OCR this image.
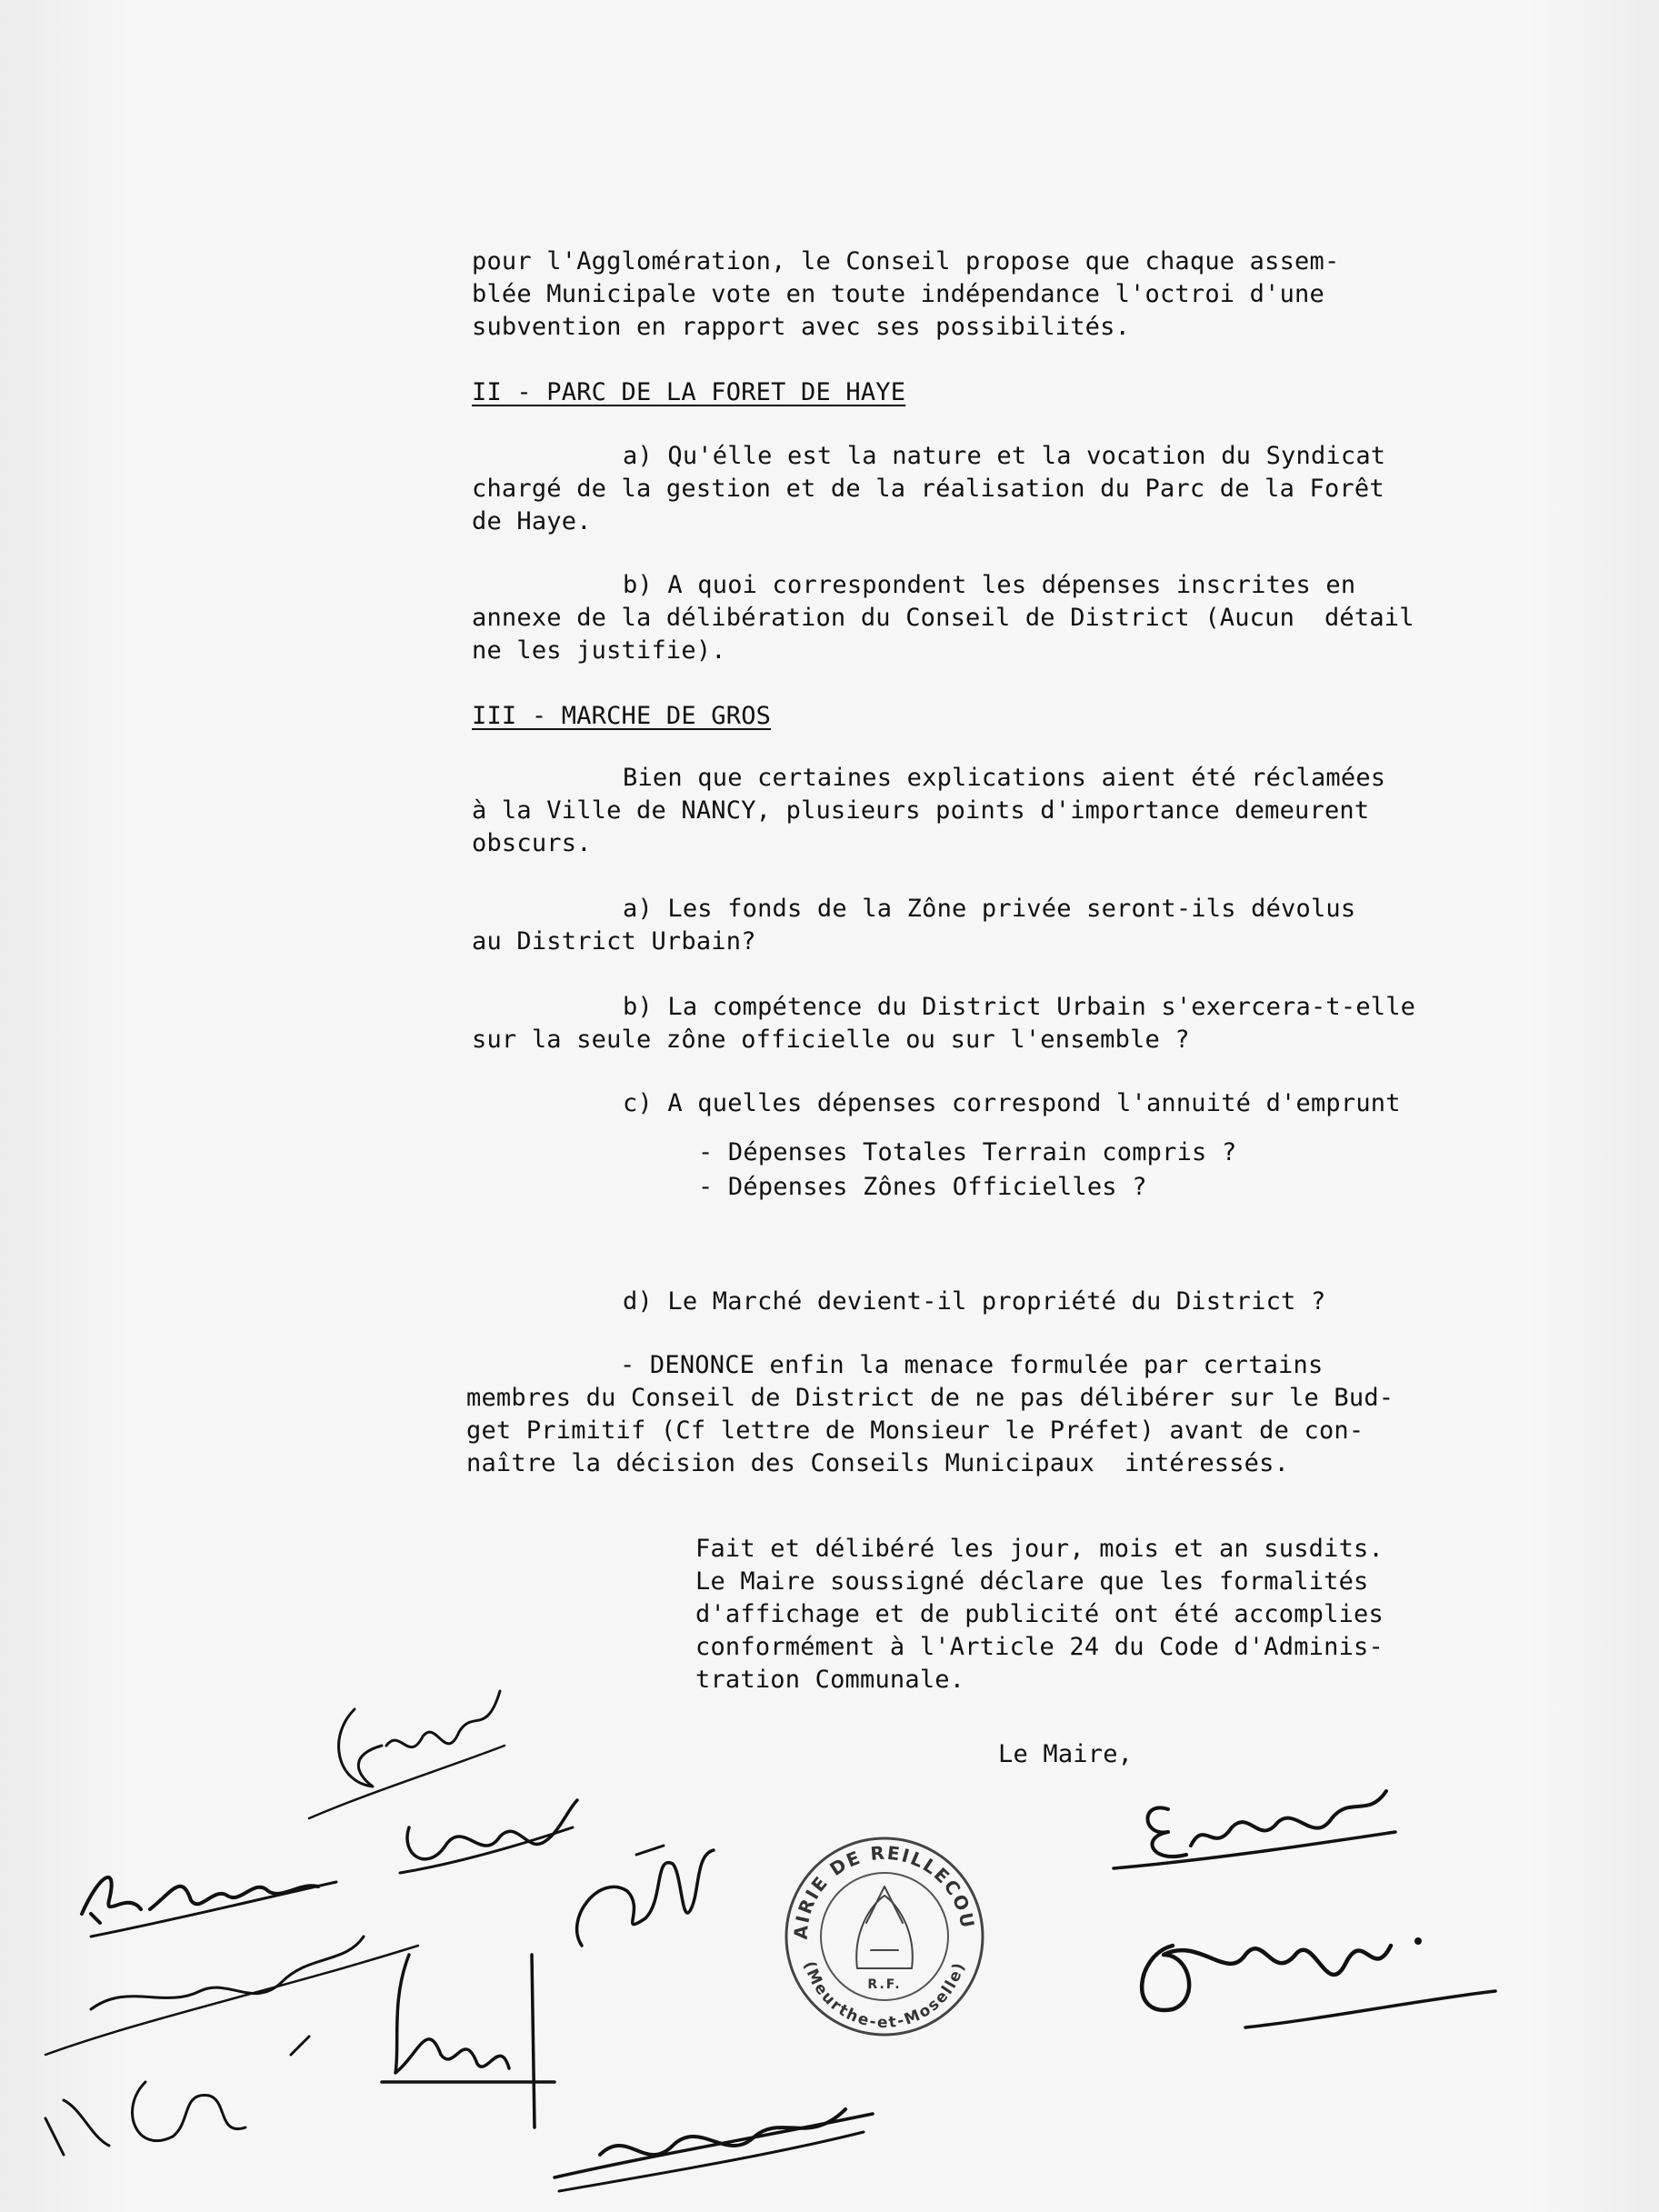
pour l'Agglomération, le Conseil propose que chaque assem-
blée Municipale vote en toute indépendance l'octroi d'une
subvention en rapport avec ses possibilités.
II - PARC DE LA FORET DE HAYE
a) Qu'élle est la nature et la vocation du Syndicat
chargé de la gestion et de la réalisation du Parc de la Forêt
de Haye.
b) A quoi correspondent les dépenses inscrites en
annexe de la délibération du Conseil de District (Aucun  détail
ne les justifie).
III - MARCHE DE GROS
Bien que certaines explications aient été réclamées
à la Ville de NANCY, plusieurs points d'importance demeurent
obscurs.
a) Les fonds de la Zône privée seront-ils dévolus
au District Urbain?
b) La compétence du District Urbain s'exercera-t-elle
sur la seule zône officielle ou sur l'ensemble ?
c) A quelles dépenses correspond l'annuité d'emprunt
- Dépenses Totales Terrain compris ?
- Dépenses Zônes Officielles ?
d) Le Marché devient-il propriété du District ?
- DENONCE enfin la menace formulée par certains
membres du Conseil de District de ne pas délibérer sur le Bud-
get Primitif (Cf lettre de Monsieur le Préfet) avant de con-
naître la décision des Conseils Municipaux  intéressés.
Fait et délibéré les jour, mois et an susdits.
Le Maire soussigné déclare que les formalités
d'affichage et de publicité ont été accomplies
conformément à l'Article 24 du Code d'Adminis-
tration Communale.
Le Maire,
MAIRIE DE REILLECOURT
(Meurthe-et-Moselle)
R.F.
